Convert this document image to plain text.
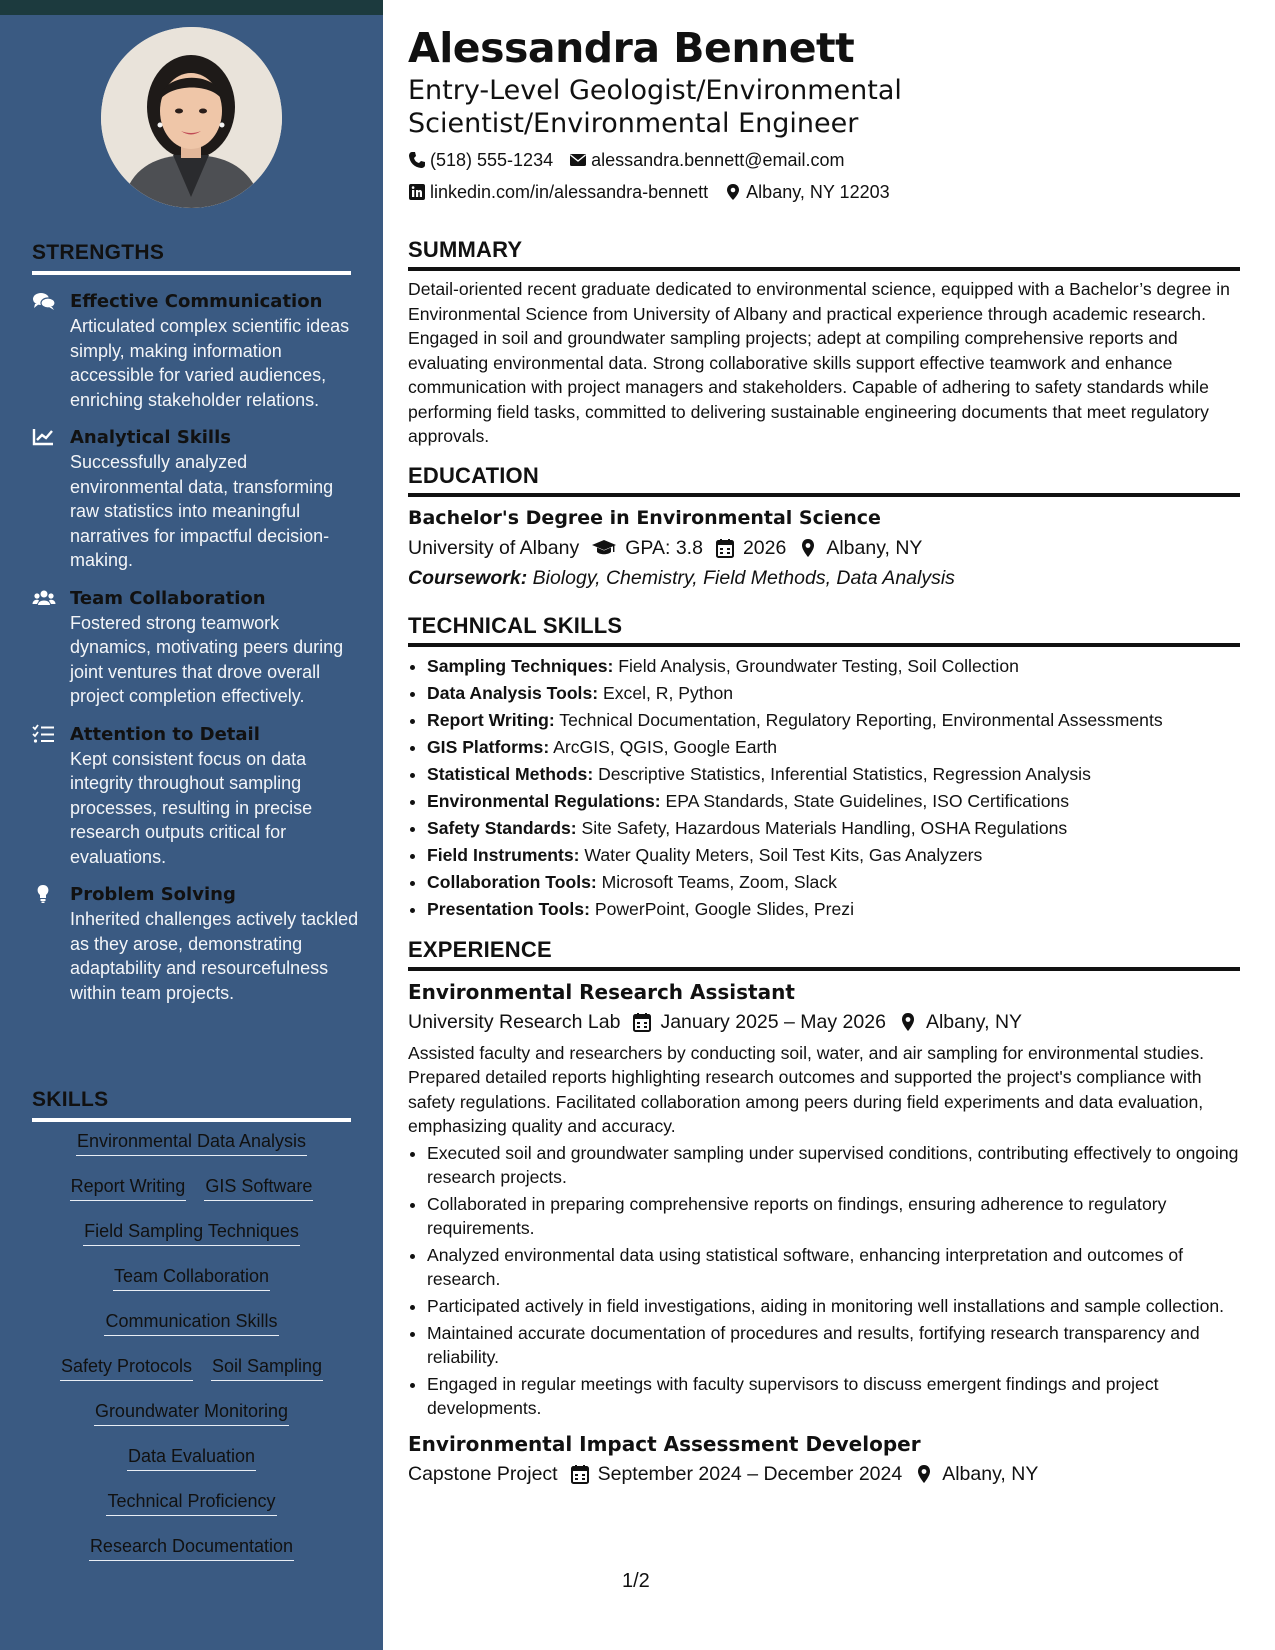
STRENGTHS
Effective Communication
Articulated complex scientific ideas simply, making information accessible for varied audiences, enriching stakeholder relations.
Analytical Skills
Successfully analyzed environmental data, transforming raw statistics into meaningful narratives for impactful decision-making.
Team Collaboration
Fostered strong teamwork dynamics, motivating peers during joint ventures that drove overall project completion effectively.
Attention to Detail
Kept consistent focus on data integrity throughout sampling processes, resulting in precise research outputs critical for evaluations.
Problem Solving
Inherited challenges actively tackled as they arose, demonstrating adaptability and resourcefulness within team projects.
SKILLS
Environmental Data Analysis
Report Writing GIS Software
Field Sampling Techniques
Team Collaboration
Communication Skills
Safety Protocols Soil Sampling
Groundwater Monitoring
Data Evaluation
Technical Proficiency
Research Documentation
Alessandra Bennett
Entry-Level Geologist/Environmental Scientist/Environmental Engineer
(518) 555-1234 alessandra.bennett@email.com
linkedin.com/in/alessandra-bennett Albany, NY 12203
SUMMARY

Detail-oriented recent graduate dedicated to environmental science, equipped with a Bachelor’s degree in Environmental Science from University of Albany and practical experience through academic research. Engaged in soil and groundwater sampling projects; adept at compiling comprehensive reports and evaluating environmental data. Strong collaborative skills support effective teamwork and enhance communication with project managers and stakeholders. Capable of adhering to safety standards while performing field tasks, committed to delivering sustainable engineering documents that meet regulatory approvals.

EDUCATION
Bachelor's Degree in Environmental Science
University of Albany GPA: 3.8 2026 Albany, NY
Coursework: Biology, Chemistry, Field Methods, Data Analysis
TECHNICAL SKILLS
• Sampling Techniques: Field Analysis, Groundwater Testing, Soil Collection
• Data Analysis Tools: Excel, R, Python
• Report Writing: Technical Documentation, Regulatory Reporting, Environmental Assessments
• GIS Platforms: ArcGIS, QGIS, Google Earth
• Statistical Methods: Descriptive Statistics, Inferential Statistics, Regression Analysis
• Environmental Regulations: EPA Standards, State Guidelines, ISO Certifications
• Safety Standards: Site Safety, Hazardous Materials Handling, OSHA Regulations
• Field Instruments: Water Quality Meters, Soil Test Kits, Gas Analyzers
• Collaboration Tools: Microsoft Teams, Zoom, Slack
• Presentation Tools: PowerPoint, Google Slides, Prezi
EXPERIENCE
Environmental Research Assistant
University Research Lab January 2025 – May 2026 Albany, NY

Assisted faculty and researchers by conducting soil, water, and air sampling for environmental studies. Prepared detailed reports highlighting research outcomes and supported the project's compliance with safety regulations. Facilitated collaboration among peers during field experiments and data evaluation, emphasizing quality and accuracy.

• Executed soil and groundwater sampling under supervised conditions, contributing effectively to ongoing research projects.
• Collaborated in preparing comprehensive reports on findings, ensuring adherence to regulatory requirements.
• Analyzed environmental data using statistical software, enhancing interpretation and outcomes of research.
• Participated actively in field investigations, aiding in monitoring well installations and sample collection.
• Maintained accurate documentation of procedures and results, fortifying research transparency and reliability.
• Engaged in regular meetings with faculty supervisors to discuss emergent findings and project developments.
Environmental Impact Assessment Developer
Capstone Project September 2024 – December 2024 Albany, NY
1/2
